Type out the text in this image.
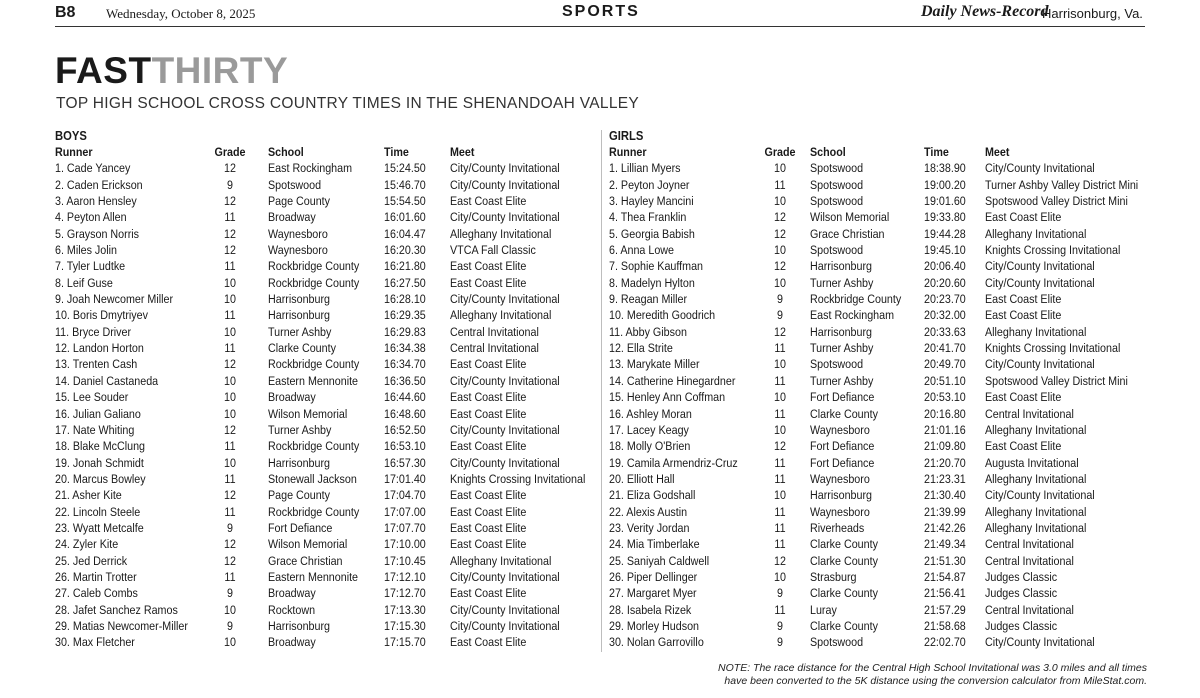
B8 Wednesday, October 8, 2025	SPORTS	Daily News-Record
Harrisonburg, Va.
FASTTHIRTY
TOP HIGH SCHOOL CROSS COUNTRY TIMES IN THE SHENANDOAH VALLEY
BOYS
Runner	Grade School	Time	Meet
1. Cade Yancey	12	East Rockingham	15:24.50 City/County Invitational
2. Caden Erickson	9	Spotswood	15:46.70 City/County Invitational
3. Aaron Hensley	12	Page County	15:54.50 East Coast Elite
4. Peyton Allen	11	Broadway	16:01.60 City/County Invitational
5. Grayson Norris	12	Waynesboro	16:04.47 Alleghany Invitational
6. Miles Jolin	12	Waynesboro	16:20.30 VTCA Fall Classic
7. Tyler Ludtke	11	Rockbridge County 16:21.80 East Coast Elite
8. Leif Guse	10	Rockbridge County 16:27.50 East Coast Elite
9. Joah Newcomer Miller	10	Harrisonburg	16:28.10 City/County Invitational
10. Boris Dmytriyev	11	Harrisonburg	16:29.35 Alleghany Invitational
11. Bryce Driver	10	Turner Ashby	16:29.83 Central Invitational
12. Landon Horton	11	Clarke County	16:34.38 Central Invitational
13. Trenten Cash	12	Rockbridge County 16:34.70 East Coast Elite
14. Daniel Castaneda	10	Eastern Mennonite 16:36.50 City/County Invitational
15. Lee Souder	10	Broadway	16:44.60 East Coast Elite
16. Julian Galiano	10	Wilson Memorial	16:48.60 East Coast Elite
17. Nate Whiting	12	Turner Ashby	16:52.50 City/County Invitational
18. Blake McClung	11	Rockbridge County 16:53.10 East Coast Elite
19. Jonah Schmidt	10	Harrisonburg	16:57.30 City/County Invitational
20. Marcus Bowley	11	Stonewall Jackson 17:01.40 Knights Crossing Invitational
21. Asher Kite	12	Page County	17:04.70 East Coast Elite
22. Lincoln Steele	11	Rockbridge County 17:07.00 East Coast Elite
23. Wyatt Metcalfe	9	Fort Defiance	17:07.70 East Coast Elite
24. Zyler Kite	12	Wilson Memorial	17:10.00 East Coast Elite
25. Jed Derrick	12	Grace Christian	17:10.45 Alleghany Invitational
26. Martin Trotter	11	Eastern Mennonite 17:12.10 City/County Invitational
27. Caleb Combs	9	Broadway	17:12.70 East Coast Elite
28. Jafet Sanchez Ramos	10	Rocktown	17:13.30 City/County Invitational
29. Matias Newcomer-Miller	9	Harrisonburg	17:15.30 City/County Invitational
30. Max Fletcher	10	Broadway	17:15.70 East Coast Elite
GIRLS
Runner	Grade School	Time	Meet
1. Lillian Myers	10	Spotswood	18:38.90 City/County Invitational
2. Peyton Joyner	11	Spotswood	19:00.20 Turner Ashby Valley District Mini
3. Hayley Mancini	10	Spotswood	19:01.60 Spotswood Valley District Mini
4. Thea Franklin	12	Wilson Memorial	19:33.80 East Coast Elite
5. Georgia Babish	12	Grace Christian	19:44.28 Alleghany Invitational
6. Anna Lowe	10	Spotswood	19:45.10 Knights Crossing Invitational
7. Sophie Kauffman	12	Harrisonburg	20:06.40 City/County Invitational
8. Madelyn Hylton	10	Turner Ashby	20:20.60 City/County Invitational
9. Reagan Miller	9	Rockbridge County 20:23.70 East Coast Elite
10. Meredith Goodrich	9	East Rockingham 20:32.00 East Coast Elite
11. Abby Gibson	12	Harrisonburg	20:33.63 Alleghany Invitational
12. Ella Strite	11	Turner Ashby	20:41.70 Knights Crossing Invitational
13. Marykate Miller	10	Spotswood	20:49.70 City/County Invitational
14. Catherine Hinegardner	11	Turner Ashby	20:51.10 Spotswood Valley District Mini
15. Henley Ann Coffman	10	Fort Defiance	20:53.10 East Coast Elite
16. Ashley Moran	11	Clarke County	20:16.80 Central Invitational
17. Lacey Keagy	10	Waynesboro	21:01.16 Alleghany Invitational
18. Molly O'Brien	12	Fort Defiance	21:09.80 East Coast Elite
19. Camila Armendriz-Cruz	11	Fort Defiance	21:20.70 Augusta Invitational
20. Elliott Hall	11	Waynesboro	21:23.31 Alleghany Invitational
21. Eliza Godshall	10	Harrisonburg	21:30.40 City/County Invitational
22. Alexis Austin	11	Waynesboro	21:39.99 Alleghany Invitational
23. Verity Jordan	11	Riverheads	21:42.26 Alleghany Invitational
24. Mia Timberlake	11	Clarke County	21:49.34 Central Invitational
25. Saniyah Caldwell	12	Clarke County	21:51.30 Central Invitational
26. Piper Dellinger	10	Strasburg	21:54.87 Judges Classic
27. Margaret Myer	9	Clarke County	21:56.41 Judges Classic
28. Isabela Rizek	11	Luray	21:57.29 Central Invitational
29. Morley Hudson	9	Clarke County	21:58.68 Judges Classic
30. Nolan Garrovillo	9	Spotswood	22:02.70 City/County Invitational
NOTE: The race distance for the Central High School Invitational was 3.0 miles and all times
have been converted to the 5K distance using the conversion calculator from MileStat.com.
